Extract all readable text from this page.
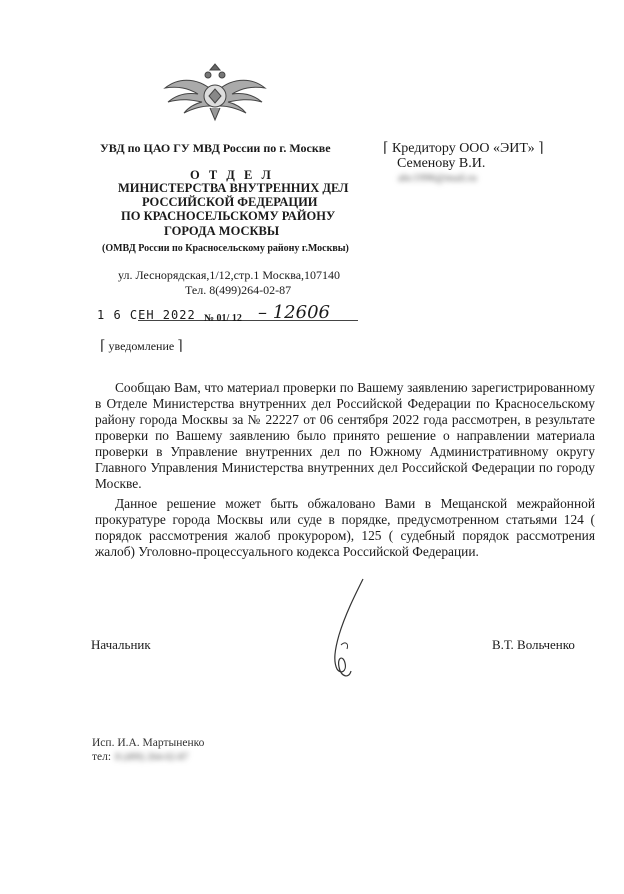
УВД по ЦАО ГУ МВД России по г. Москве
О Т Д Е Л
МИНИСТЕРСТВА ВНУТРЕННИХ ДЕЛ
РОССИЙСКОЙ ФЕДЕРАЦИИ
ПО КРАСНОСЕЛЬСКОМУ РАЙОНУ
ГОРОДА МОСКВЫ
(ОМВД России по Красносельскому району г.Москвы)
ул. Леснорядская,1/12,стр.1 Москва,107140
Тел. 8(499)264-02-87
1 6 СЕН 2022 № 01/ 12 – 12606
⌈ уведомление ⌉
⌈ Кредитору ООО «ЭИТ» ⌉
Семенову В.И.
abc1996@mail.ru

Сообщаю Вам, что материал проверки по Вашему заявлению зарегистрированному в Отделе Министерства внутренних дел Российской Федерации по Красносельскому району города Москвы за № 22227 от 06 сентября 2022 года рассмотрен, в результате проверки по Вашему заявлению было принято решение о направлении материала проверки в Управление внутренних дел по Южному Административному округу Главного Управления Министерства внутренних дел Российской Федерации по городу Москве.

Данное решение может быть обжаловано Вами в Мещанской межрайонной прокуратуре города Москвы или суде в порядке, предусмотренном статьями 124 ( порядок рассмотрения жалоб прокурором), 125 ( судебный порядок рассмотрения жалоб) Уголовно-процессуального кодекса Российской Федерации.

Начальник	В.Т. Вольченко
Исп. И.А. Мартыненко
тел: 8 (499) 264-02-87
